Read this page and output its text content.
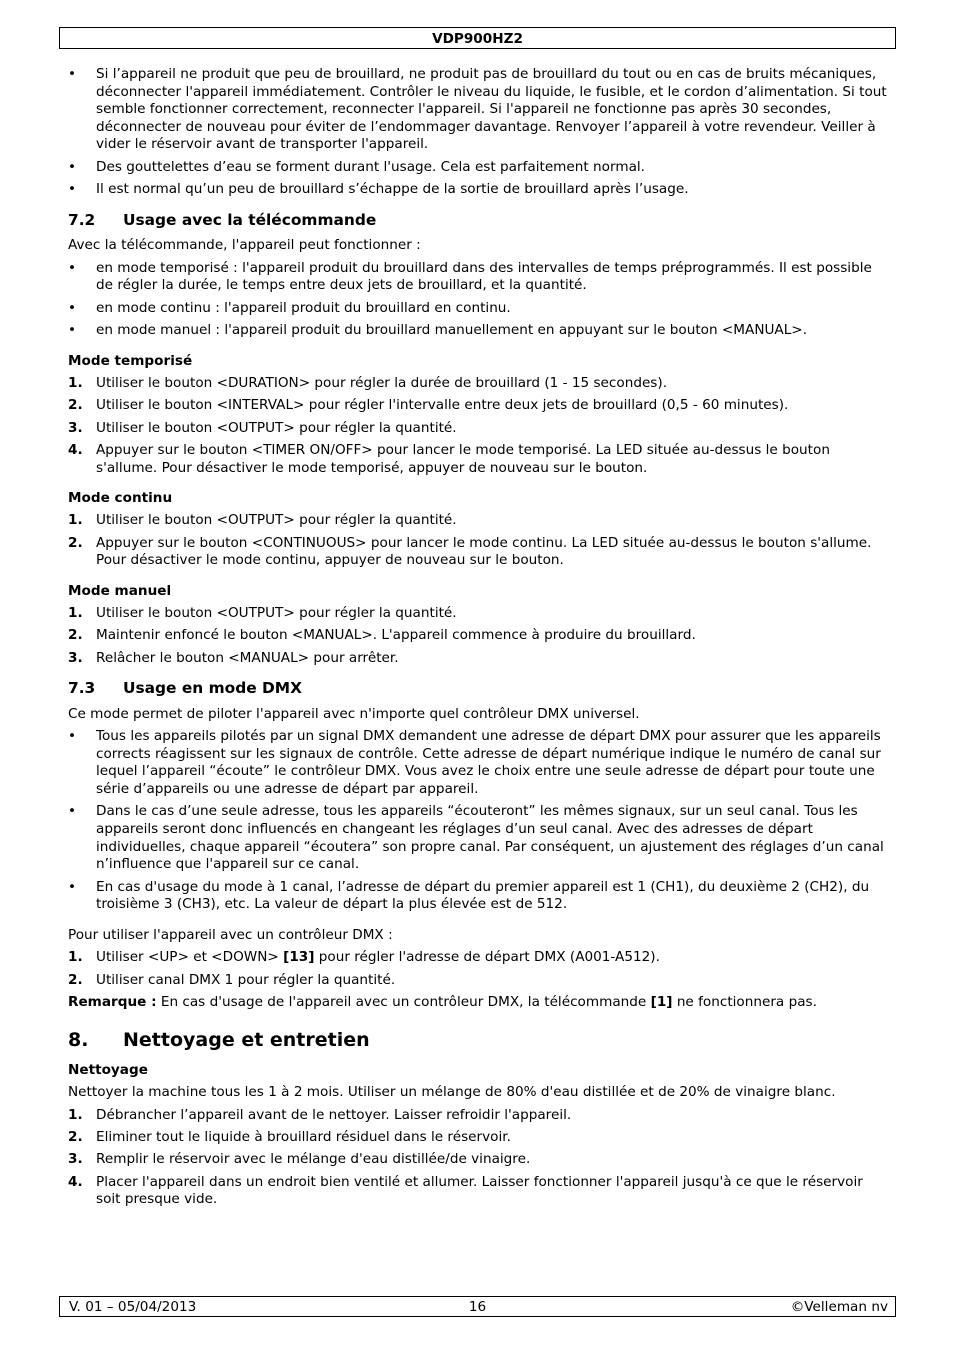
VDP900HZ2
• Si l’appareil ne produit que peu de brouillard, ne produit pas de brouillard du tout ou en cas de bruits mécaniques, déconnecter l'appareil immédiatement. Contrôler le niveau du liquide, le fusible, et le cordon d’alimentation. Si tout semble fonctionner correctement, reconnecter l'appareil. Si l'appareil ne fonctionne pas après 30 secondes, déconnecter de nouveau pour éviter de l’endommager davantage. Renvoyer l’appareil à votre revendeur. Veiller à vider le réservoir avant de transporter l'appareil.
• Des gouttelettes d’eau se forment durant l'usage. Cela est parfaitement normal.
• Il est normal qu’un peu de brouillard s’échappe de la sortie de brouillard après l’usage.
7.2 Usage avec la télécommande

Avec la télécommande, l'appareil peut fonctionner :

• en mode temporisé : l'appareil produit du brouillard dans des intervalles de temps préprogrammés. Il est possible de régler la durée, le temps entre deux jets de brouillard, et la quantité.
• en mode continu : l'appareil produit du brouillard en continu.
• en mode manuel : l'appareil produit du brouillard manuellement en appuyant sur le bouton <MANUAL>.
Mode temporisé
1. Utiliser le bouton <DURATION> pour régler la durée de brouillard (1 - 15 secondes).
2. Utiliser le bouton <INTERVAL> pour régler l'intervalle entre deux jets de brouillard (0,5 - 60 minutes).
3. Utiliser le bouton <OUTPUT> pour régler la quantité.
4. Appuyer sur le bouton <TIMER ON/OFF> pour lancer le mode temporisé. La LED située au-dessus le bouton s'allume. Pour désactiver le mode temporisé, appuyer de nouveau sur le bouton.
Mode continu
1. Utiliser le bouton <OUTPUT> pour régler la quantité.
2. Appuyer sur le bouton <CONTINUOUS> pour lancer le mode continu. La LED située au-dessus le bouton s'allume. Pour désactiver le mode continu, appuyer de nouveau sur le bouton.
Mode manuel
1. Utiliser le bouton <OUTPUT> pour régler la quantité.
2. Maintenir enfoncé le bouton <MANUAL>. L'appareil commence à produire du brouillard.
3. Relâcher le bouton <MANUAL> pour arrêter.
7.3 Usage en mode DMX

Ce mode permet de piloter l'appareil avec n'importe quel contrôleur DMX universel.

• Tous les appareils pilotés par un signal DMX demandent une adresse de départ DMX pour assurer que les appareils corrects réagissent sur les signaux de contrôle. Cette adresse de départ numérique indique le numéro de canal sur lequel l’appareil “écoute” le contrôleur DMX. Vous avez le choix entre une seule adresse de départ pour toute une série d’appareils ou une adresse de départ par appareil.
• Dans le cas d’une seule adresse, tous les appareils “écouteront” les mêmes signaux, sur un seul canal. Tous les appareils seront donc influencés en changeant les réglages d’un seul canal. Avec des adresses de départ individuelles, chaque appareil “écoutera” son propre canal. Par conséquent, un ajustement des réglages d’un canal n’influence que l'appareil sur ce canal.
• En cas d'usage du mode à 1 canal, l’adresse de départ du premier appareil est 1 (CH1), du deuxième 2 (CH2), du troisième 3 (CH3), etc. La valeur de départ la plus élevée est de 512.

Pour utiliser l'appareil avec un contrôleur DMX :

1. Utiliser <UP> et <DOWN> [13] pour régler l'adresse de départ DMX (A001-A512).
2. Utiliser canal DMX 1 pour régler la quantité.

Remarque : En cas d'usage de l'appareil avec un contrôleur DMX, la télécommande [1] ne fonctionnera pas.

8. Nettoyage et entretien
Nettoyage

Nettoyer la machine tous les 1 à 2 mois. Utiliser un mélange de 80% d'eau distillée et de 20% de vinaigre blanc.

1. Débrancher l’appareil avant de le nettoyer. Laisser refroidir l'appareil.
2. Eliminer tout le liquide à brouillard résiduel dans le réservoir.
3. Remplir le réservoir avec le mélange d'eau distillée/de vinaigre.
4. Placer l'appareil dans un endroit bien ventilé et allumer. Laisser fonctionner l'appareil jusqu'à ce que le réservoir soit presque vide.
V. 01 – 05/04/2013	16	©Velleman nv
